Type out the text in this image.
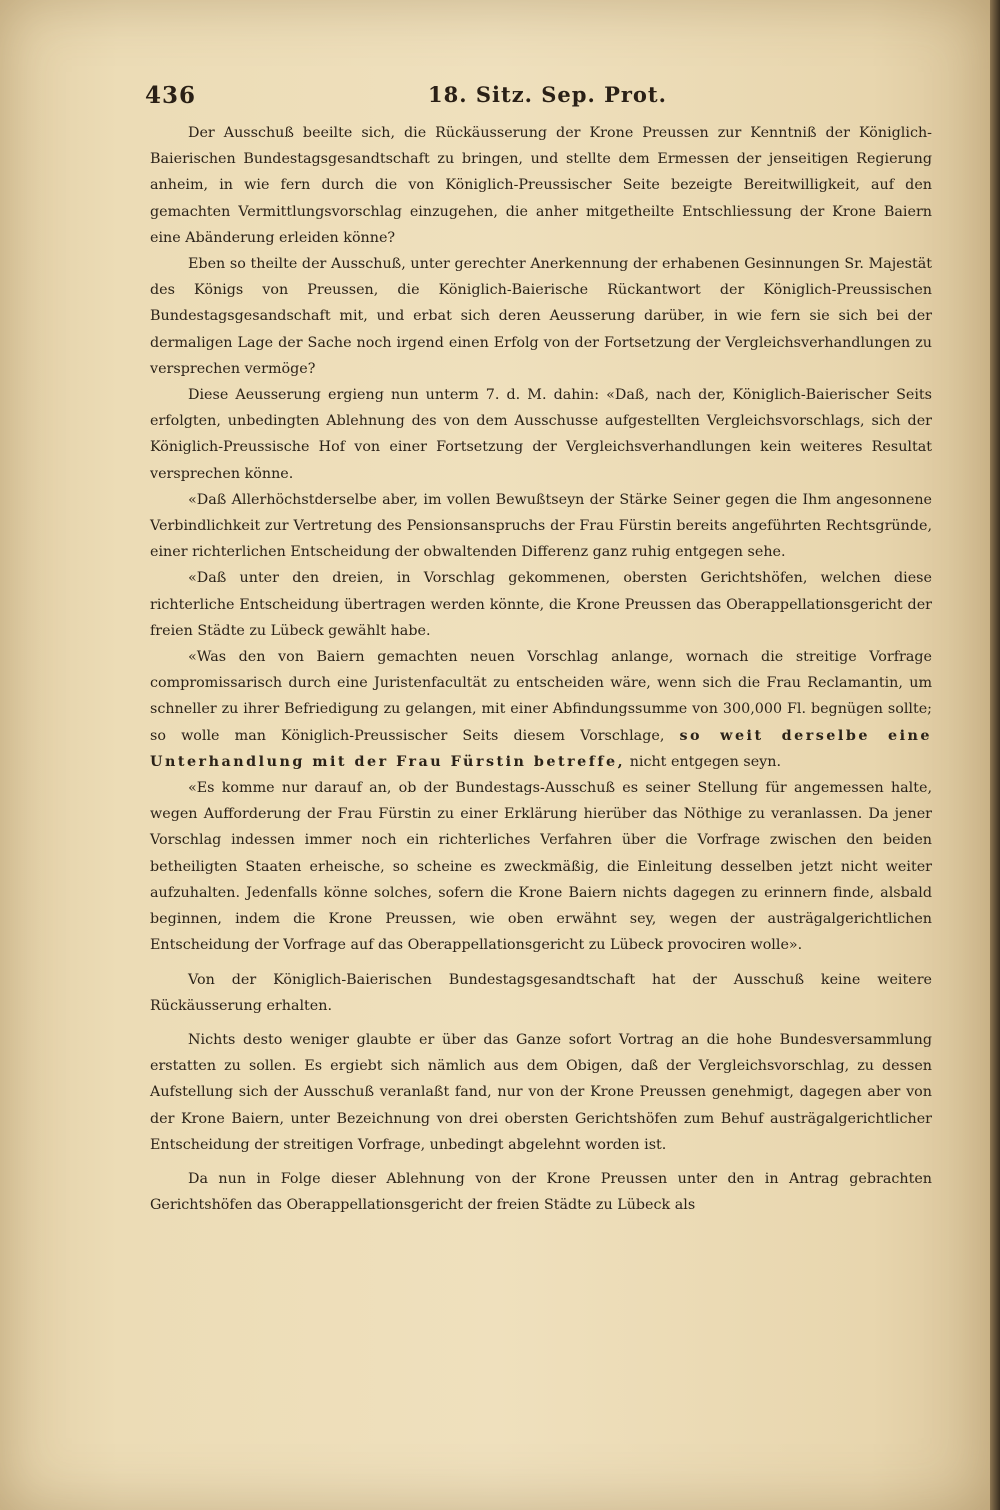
436	18. Sitz. Sep. Prot.

Der Ausschuß beeilte sich, die Rückäusserung der Krone Preussen zur Kenntniß der Königlich-Baierischen Bundestagsgesandtschaft zu bringen, und stellte dem Ermessen der jenseitigen Regierung anheim, in wie fern durch die von Königlich-Preussischer Seite bezeigte Bereitwilligkeit, auf den gemachten Vermittlungsvorschlag einzugehen, die anher mitgetheilte Entschliessung der Krone Baiern eine Abänderung erleiden könne?

Eben so theilte der Ausschuß, unter gerechter Anerkennung der erhabenen Gesinnungen Sr. Majestät des Königs von Preussen, die Königlich-Baierische Rückantwort der Königlich-Preussischen Bundestagsgesandschaft mit, und erbat sich deren Aeusserung darüber, in wie fern sie sich bei der dermaligen Lage der Sache noch irgend einen Erfolg von der Fortsetzung der Vergleichsverhandlungen zu versprechen vermöge?

Diese Aeusserung ergieng nun unterm 7. d. M. dahin: «Daß, nach der, Königlich-Baierischer Seits erfolgten, unbedingten Ablehnung des von dem Ausschusse aufgestellten Vergleichsvorschlags, sich der Königlich-Preussische Hof von einer Fortsetzung der Vergleichsverhandlungen kein weiteres Resultat versprechen könne.

«Daß Allerhöchstderselbe aber, im vollen Bewußtseyn der Stärke Seiner gegen die Ihm angesonnene Verbindlichkeit zur Vertretung des Pensionsanspruchs der Frau Fürstin bereits angeführten Rechtsgründe, einer richterlichen Entscheidung der obwaltenden Differenz ganz ruhig entgegen sehe.

«Daß unter den dreien, in Vorschlag gekommenen, obersten Gerichtshöfen, welchen diese richterliche Entscheidung übertragen werden könnte, die Krone Preussen das Oberappellationsgericht der freien Städte zu Lübeck gewählt habe.

«Was den von Baiern gemachten neuen Vorschlag anlange, wornach die streitige Vorfrage compromissarisch durch eine Juristenfacultät zu entscheiden wäre, wenn sich die Frau Reclamantin, um schneller zu ihrer Befriedigung zu gelangen, mit einer Abfindungssumme von 300,000 Fl. begnügen sollte; so wolle man Königlich-Preussischer Seits diesem Vorschlage, so weit derselbe eine Unterhandlung mit der Frau Fürstin betreffe, nicht entgegen seyn.

«Es komme nur darauf an, ob der Bundestags-Ausschuß es seiner Stellung für angemessen halte, wegen Aufforderung der Frau Fürstin zu einer Erklärung hierüber das Nöthige zu veranlassen. Da jener Vorschlag indessen immer noch ein richterliches Verfahren über die Vorfrage zwischen den beiden betheiligten Staaten erheische, so scheine es zweckmäßig, die Einleitung desselben jetzt nicht weiter aufzuhalten. Jedenfalls könne solches, sofern die Krone Baiern nichts dagegen zu erinnern finde, alsbald beginnen, indem die Krone Preussen, wie oben erwähnt sey, wegen der austrägalgerichtlichen Entscheidung der Vorfrage auf das Oberappellationsgericht zu Lübeck provociren wolle».

Von der Königlich-Baierischen Bundestagsgesandtschaft hat der Ausschuß keine weitere Rückäusserung erhalten.

Nichts desto weniger glaubte er über das Ganze sofort Vortrag an die hohe Bundesversammlung erstatten zu sollen. Es ergiebt sich nämlich aus dem Obigen, daß der Vergleichsvorschlag, zu dessen Aufstellung sich der Ausschuß veranlaßt fand, nur von der Krone Preussen genehmigt, dagegen aber von der Krone Baiern, unter Bezeichnung von drei obersten Gerichtshöfen zum Behuf austrägalgerichtlicher Entscheidung der streitigen Vorfrage, unbedingt abgelehnt worden ist.

Da nun in Folge dieser Ablehnung von der Krone Preussen unter den in Antrag gebrachten Gerichtshöfen das Oberappellationsgericht der freien Städte zu Lübeck als
